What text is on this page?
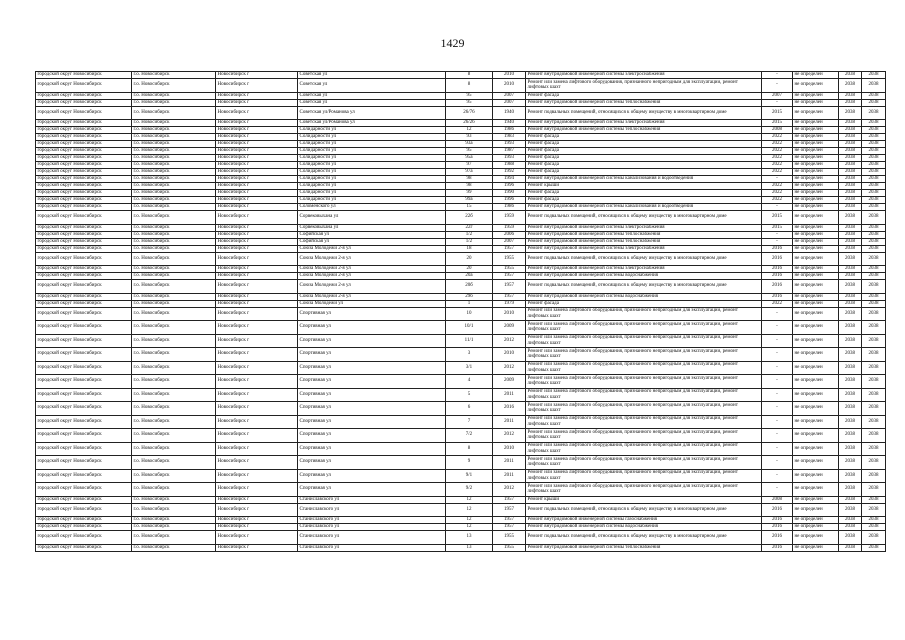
1429
городской округ Новосибирск	г.о. Новосибирск	Новосибирск г	Советская ул	8	2010	Ремонт внутридомовой инженерной системы электроснабжения	-	не определен	2038	2038
городской округ Новосибирск	г.о. Новосибирск	Новосибирск г	Советская ул	8	2010	Ремонт или замена лифтового оборудования, признанного непригодным для эксплуатации, ремонт лифтовых шахт	-	не определен	2038	2038
городской округ Новосибирск	г.о. Новосибирск	Новосибирск г	Советская ул	95	2007	Ремонт фасада	2007	не определен	2038	2038
городской округ Новосибирск	г.о. Новосибирск	Новосибирск г	Советская ул	95	2007	Ремонт внутридомовой инженерной системы теплоснабжения	-	не определен	2038	2038
городской округ Новосибирск	г.о. Новосибирск	Новосибирск г	Советская ул/Романова ул	26/76	1940	Ремонт подвальных помещений, относящихся к общему имуществу в многоквартирном доме	2015	не определен	2038	2038
городской округ Новосибирск	г.о. Новосибирск	Новосибирск г	Советская ул/Романова ул	26/26	1940	Ремонт внутридомовой инженерной системы электроснабжения	2015	не определен	2038	2038
городской округ Новосибирск	г.о. Новосибирск	Новосибирск г	Солидарности ул	12	1986	Ремонт внутридомовой инженерной системы теплоснабжения	2008	не определен	2038	2038
городской округ Новосибирск	г.о. Новосибирск	Новосибирск г	Солидарности ул	93	1983	Ремонт фасада	2022	не определен	2038	2038
городской округ Новосибирск	г.о. Новосибирск	Новосибирск г	Солидарности ул	93а	1993	Ремонт фасада	2022	не определен	2038	2038
городской округ Новосибирск	г.о. Новосибирск	Новосибирск г	Солидарности ул	95	1987	Ремонт фасада	2022	не определен	2038	2038
городской округ Новосибирск	г.о. Новосибирск	Новосибирск г	Солидарности ул	95а	1993	Ремонт фасада	2022	не определен	2038	2038
городской округ Новосибирск	г.о. Новосибирск	Новосибирск г	Солидарности ул	97	1988	Ремонт фасада	2022	не определен	2038	2038
городской округ Новосибирск	г.о. Новосибирск	Новосибирск г	Солидарности ул	97а	1992	Ремонт фасада	2022	не определен	2038	2038
городской округ Новосибирск	г.о. Новосибирск	Новосибирск г	Солидарности ул	98	1994	Ремонт внутридомовой инженерной системы канализования и водоотведения	-	не определен	2038	2038
городской округ Новосибирск	г.о. Новосибирск	Новосибирск г	Солидарности ул	98	1996	Ремонт крыши	2022	не определен	2038	2038
городской округ Новосибирск	г.о. Новосибирск	Новосибирск г	Солидарности ул	99	1990	Ремонт фасада	2022	не определен	2038	2038
городской округ Новосибирск	г.о. Новосибирск	Новосибирск г	Солидарности ул	99а	1996	Ремонт фасада	2022	не определен	2038	2038
городской округ Новосибирск	г.о. Новосибирск	Новосибирск г	Соломенского ул	15	1986	Ремонт внутридомовой инженерной системы канализования и водоотведения	-	не определен	2038	2038
городской округ Новосибирск	г.о. Новосибирск	Новосибирск г	Сорвековыхана ул	22б	1959	Ремонт подвальных помещений, относящихся к общему имуществу в многоквартирном доме	2015	не определен	2038	2038
городской округ Новосибирск	г.о. Новосибирск	Новосибирск г	Сорвековыхана ул	22г	1959	Ремонт внутридомовой инженерной системы электроснабжения	2015	не определен	2038	2038
городской округ Новосибирск	г.о. Новосибирск	Новосибирск г	Софийская ул	1/2	2006	Ремонт внутридомовой инженерной системы теплоснабжения	-	не определен	2038	2038
городской округ Новосибирск	г.о. Новосибирск	Новосибирск г	Софийская ул	1/2	2007	Ремонт внутридомовой инженерной системы теплоснабжения	-	не определен	2038	2038
городской округ Новосибирск	г.о. Новосибирск	Новосибирск г	Союза Молодежи 2-я ул	18	1957	Ремонт внутридомовой инженерной системы электроснабжения	2016	не определен	2038	2038
городской округ Новосибирск	г.о. Новосибирск	Новосибирск г	Союза Молодежи 2-я ул	20	1955	Ремонт подвальных помещений, относящихся к общему имуществу в многоквартирном доме	2016	не определен	2038	2038
городской округ Новосибирск	г.о. Новосибирск	Новосибирск г	Союза Молодежи 2-я ул	20	1955	Ремонт внутридомовой инженерной системы электроснабжения	2016	не определен	2038	2038
городской округ Новосибирск	г.о. Новосибирск	Новосибирск г	Союза Молодежи 2-я ул	20а	1957	Ремонт внутридомовой инженерной системы водоснабжения	2016	не определен	2038	2038
городской округ Новосибирск	г.о. Новосибирск	Новосибирск г	Союза Молодежи 2-я ул	20б	1957	Ремонт подвальных помещений, относящихся к общему имуществу в многоквартирном доме	2016	не определен	2038	2038
городской округ Новосибирск	г.о. Новосибирск	Новосибирск г	Союза Молодежи 2-я ул	29б	1957	Ремонт внутридомовой инженерной системы водоснабжения	2016	не определен	2038	2038
городской округ Новосибирск	г.о. Новосибирск	Новосибирск г	Союза Молодежи ул	1	1979	Ремонт фасада	2022	не определен	2038	2038
городской округ Новосибирск	г.о. Новосибирск	Новосибирск г	Спортивная ул	10	2010	Ремонт или замена лифтового оборудования, признанного непригодным для эксплуатации, ремонт лифтовых шахт	-	не определен	2038	2038
городской округ Новосибирск	г.о. Новосибирск	Новосибирск г	Спортивная ул	10/1	2009	Ремонт или замена лифтового оборудования, признанного непригодным для эксплуатации, ремонт лифтовых шахт	-	не определен	2038	2038
городской округ Новосибирск	г.о. Новосибирск	Новосибирск г	Спортивная ул	11/1	2012	Ремонт или замена лифтового оборудования, признанного непригодным для эксплуатации, ремонт лифтовых шахт	-	не определен	2038	2038
городской округ Новосибирск	г.о. Новосибирск	Новосибирск г	Спортивная ул	3	2010	Ремонт или замена лифтового оборудования, признанного непригодным для эксплуатации, ремонт лифтовых шахт	-	не определен	2038	2038
городской округ Новосибирск	г.о. Новосибирск	Новосибирск г	Спортивная ул	3/1	2012	Ремонт или замена лифтового оборудования, признанного непригодным для эксплуатации, ремонт лифтовых шахт	-	не определен	2038	2038
городской округ Новосибирск	г.о. Новосибирск	Новосибирск г	Спортивная ул	4	2009	Ремонт или замена лифтового оборудования, признанного непригодным для эксплуатации, ремонт лифтовых шахт	-	не определен	2038	2038
городской округ Новосибирск	г.о. Новосибирск	Новосибирск г	Спортивная ул	5	2011	Ремонт или замена лифтового оборудования, признанного непригодным для эксплуатации, ремонт лифтовых шахт	-	не определен	2038	2038
городской округ Новосибирск	г.о. Новосибирск	Новосибирск г	Спортивная ул	6	2016	Ремонт или замена лифтового оборудования, признанного непригодным для эксплуатации, ремонт лифтовых шахт	-	не определен	2038	2038
городской округ Новосибирск	г.о. Новосибирск	Новосибирск г	Спортивная ул	7	2011	Ремонт или замена лифтового оборудования, признанного непригодным для эксплуатации, ремонт лифтовых шахт	-	не определен	2038	2038
городской округ Новосибирск	г.о. Новосибирск	Новосибирск г	Спортивная ул	7/2	2012	Ремонт или замена лифтового оборудования, признанного непригодным для эксплуатации, ремонт лифтовых шахт	-	не определен	2038	2038
городской округ Новосибирск	г.о. Новосибирск	Новосибирск г	Спортивная ул	8	2010	Ремонт или замена лифтового оборудования, признанного непригодным для эксплуатации, ремонт лифтовых шахт	-	не определен	2038	2038
городской округ Новосибирск	г.о. Новосибирск	Новосибирск г	Спортивная ул	9	2011	Ремонт или замена лифтового оборудования, признанного непригодным для эксплуатации, ремонт лифтовых шахт	-	не определен	2038	2038
городской округ Новосибирск	г.о. Новосибирск	Новосибирск г	Спортивная ул	9/1	2011	Ремонт или замена лифтового оборудования, признанного непригодным для эксплуатации, ремонт лифтовых шахт	-	не определен	2038	2038
городской округ Новосибирск	г.о. Новосибирск	Новосибирск г	Спортивная ул	9/2	2012	Ремонт или замена лифтового оборудования, признанного непригодным для эксплуатации, ремонт лифтовых шахт	-	не определен	2038	2038
городской округ Новосибирск	г.о. Новосибирск	Новосибирск г	Станиславского ул	12	1957	Ремонт крыши	2008	не определен	2038	2038
городской округ Новосибирск	г.о. Новосибирск	Новосибирск г	Станиславского ул	12	1957	Ремонт подвальных помещений, относящихся к общему имуществу в многоквартирном доме	2016	не определен	2038	2038
городской округ Новосибирск	г.о. Новосибирск	Новосибирск г	Станиславского ул	12	1957	Ремонт внутридомовой инженерной системы газоснабжения	2016	не определен	2038	2038
городской округ Новосибирск	г.о. Новосибирск	Новосибирск г	Станиславского ул	12	1957	Ремонт внутридомовой инженерной системы водоснабжения	2016	не определен	2038	2038
городской округ Новосибирск	г.о. Новосибирск	Новосибирск г	Станиславского ул	13	1955	Ремонт подвальных помещений, относящихся к общему имуществу в многоквартирном доме	2016	не определен	2038	2038
городской округ Новосибирск	г.о. Новосибирск	Новосибирск г	Станиславского ул	13	1955	Ремонт внутридомовой инженерной системы теплоснабжения	2016	не определен	2038	2038
